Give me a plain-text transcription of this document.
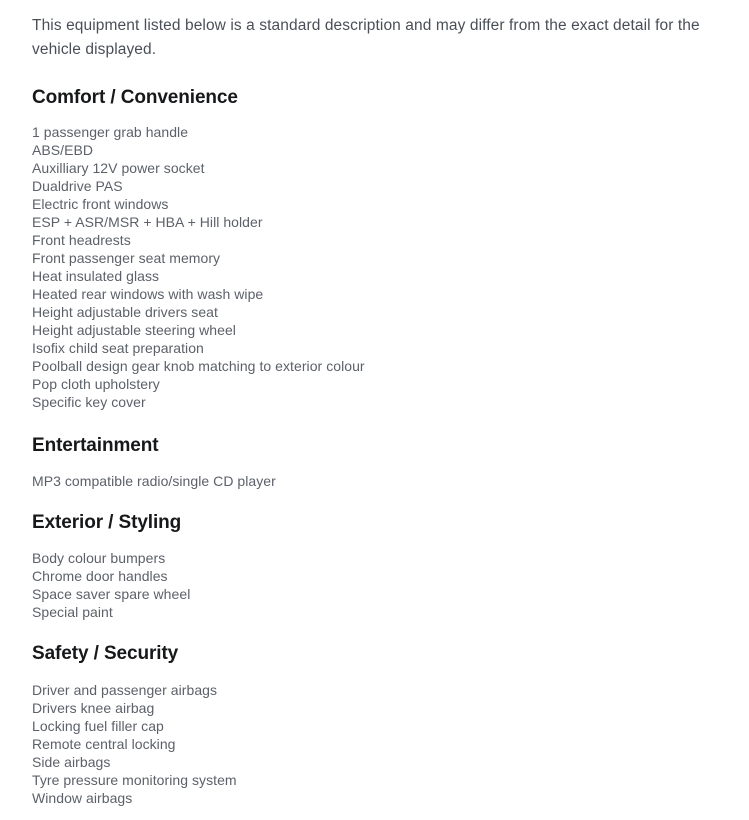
This equipment listed below is a standard description and may differ from the exact detail for the vehicle displayed.

Comfort / Convenience
1 passenger grab handle
ABS/EBD
Auxilliary 12V power socket
Dualdrive PAS
Electric front windows
ESP + ASR/MSR + HBA + Hill holder
Front headrests
Front passenger seat memory
Heat insulated glass
Heated rear windows with wash wipe
Height adjustable drivers seat
Height adjustable steering wheel
Isofix child seat preparation
Poolball design gear knob matching to exterior colour
Pop cloth upholstery
Specific key cover
Entertainment
MP3 compatible radio/single CD player
Exterior / Styling
Body colour bumpers
Chrome door handles
Space saver spare wheel
Special paint
Safety / Security
Driver and passenger airbags
Drivers knee airbag
Locking fuel filler cap
Remote central locking
Side airbags
Tyre pressure monitoring system
Window airbags
